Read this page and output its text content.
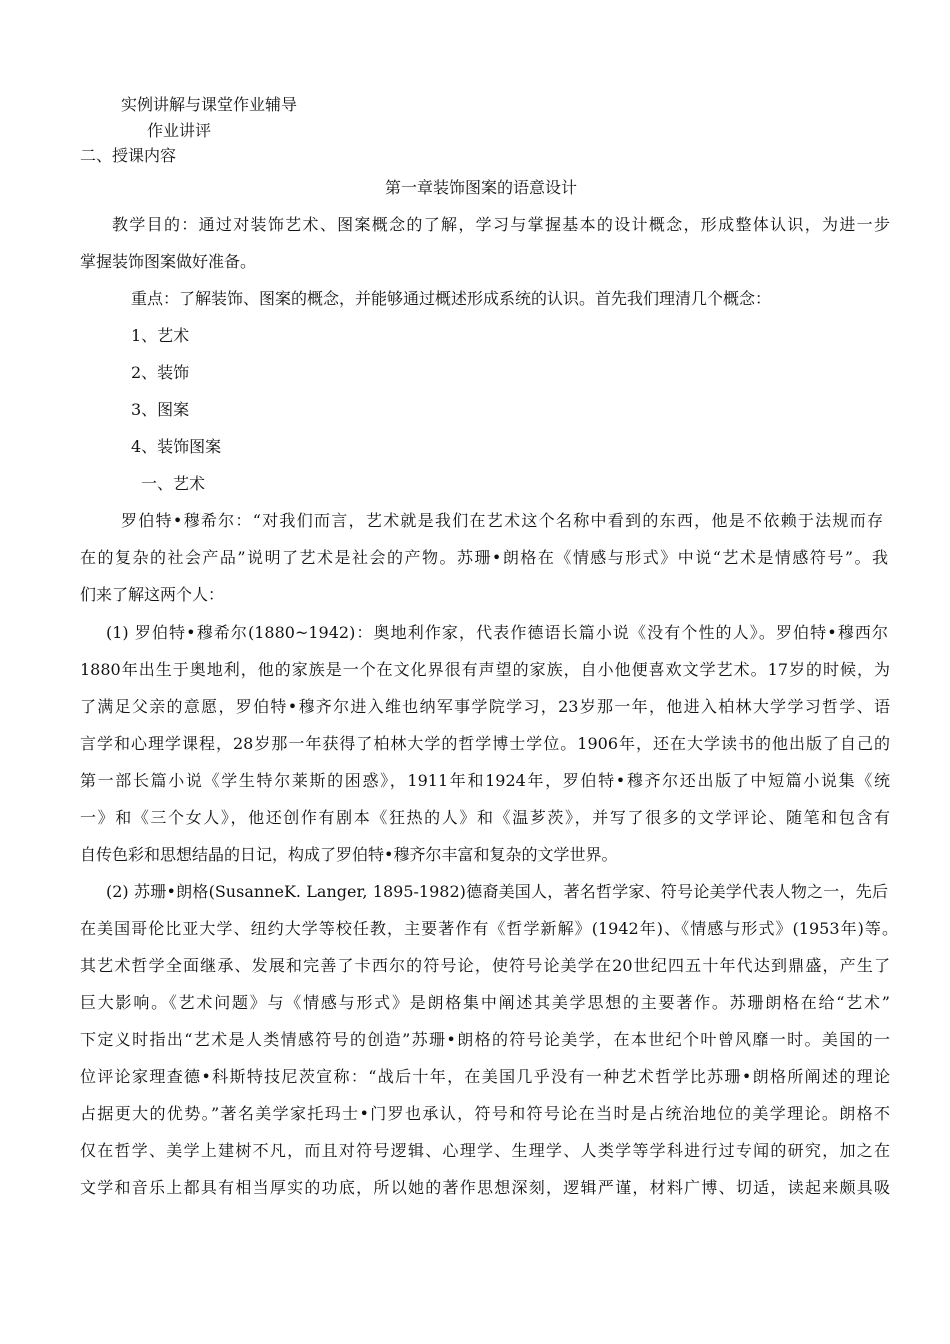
实例讲解与课堂作业辅导
作业讲评
二、授课内容
第一章装饰图案的语意设计
教学目的：通过对装饰艺术、图案概念的了解，学习与掌握基本的设计概念，形成整体认识，为进一步
掌握装饰图案做好准备。
重点：了解装饰、图案的概念，并能够通过概述形成系统的认识。首先我们理清几个概念：
1、艺术
2、装饰
3、图案
4、装饰图案
一、艺术
罗伯特•穆希尔：“对我们而言，艺术就是我们在艺术这个名称中看到的东西，他是不依赖于法规而存
在的复杂的社会产品”说明了艺术是社会的产物。苏珊•朗格在《情感与形式》中说“艺术是情感符号”。我
们来了解这两个人：
(1) 罗伯特•穆希尔(1880~1942)：奥地利作家，代表作德语长篇小说《没有个性的人》。罗伯特•穆西尔
1880年出生于奥地利，他的家族是一个在文化界很有声望的家族，自小他便喜欢文学艺术。17岁的时候，为
了满足父亲的意愿，罗伯特•穆齐尔进入维也纳军事学院学习，23岁那一年，他进入柏林大学学习哲学、语
言学和心理学课程，28岁那一年获得了柏林大学的哲学博士学位。1906年，还在大学读书的他出版了自己的
第一部长篇小说《学生特尔莱斯的困惑》，1911年和1924年，罗伯特•穆齐尔还出版了中短篇小说集《统
一》和《三个女人》，他还创作有剧本《狂热的人》和《温芗茨》，并写了很多的文学评论、随笔和包含有
自传色彩和思想结晶的日记，构成了罗伯特•穆齐尔丰富和复杂的文学世界。
(2) 苏珊•朗格(SusanneK. Langer, 1895-1982)德裔美国人，著名哲学家、符号论美学代表人物之一，先后
在美国哥伦比亚大学、纽约大学等校任教，主要著作有《哲学新解》(1942年)、《情感与形式》(1953年)等。
其艺术哲学全面继承、发展和完善了卡西尔的符号论，使符号论美学在20世纪四五十年代达到鼎盛，产生了
巨大影响。《艺术问题》与《情感与形式》是朗格集中阐述其美学思想的主要著作。苏珊朗格在给“艺术”
下定义时指出“艺术是人类情感符号的创造”苏珊•朗格的符号论美学，在本世纪个叶曾风靡一时。美国的一
位评论家理查德•科斯特技尼茨宣称：“战后十年，在美国几乎没有一种艺术哲学比苏珊•朗格所阐述的理论
占据更大的优势。”著名美学家托玛士•门罗也承认，符号和符号论在当时是占统治地位的美学理论。朗格不
仅在哲学、美学上建树不凡，而且对符号逻辑、心理学、生理学、人类学等学科进行过专闻的研究，加之在
文学和音乐上都具有相当厚实的功底，所以她的著作思想深刻，逻辑严谨，材料广博、切适，读起来颇具吸
